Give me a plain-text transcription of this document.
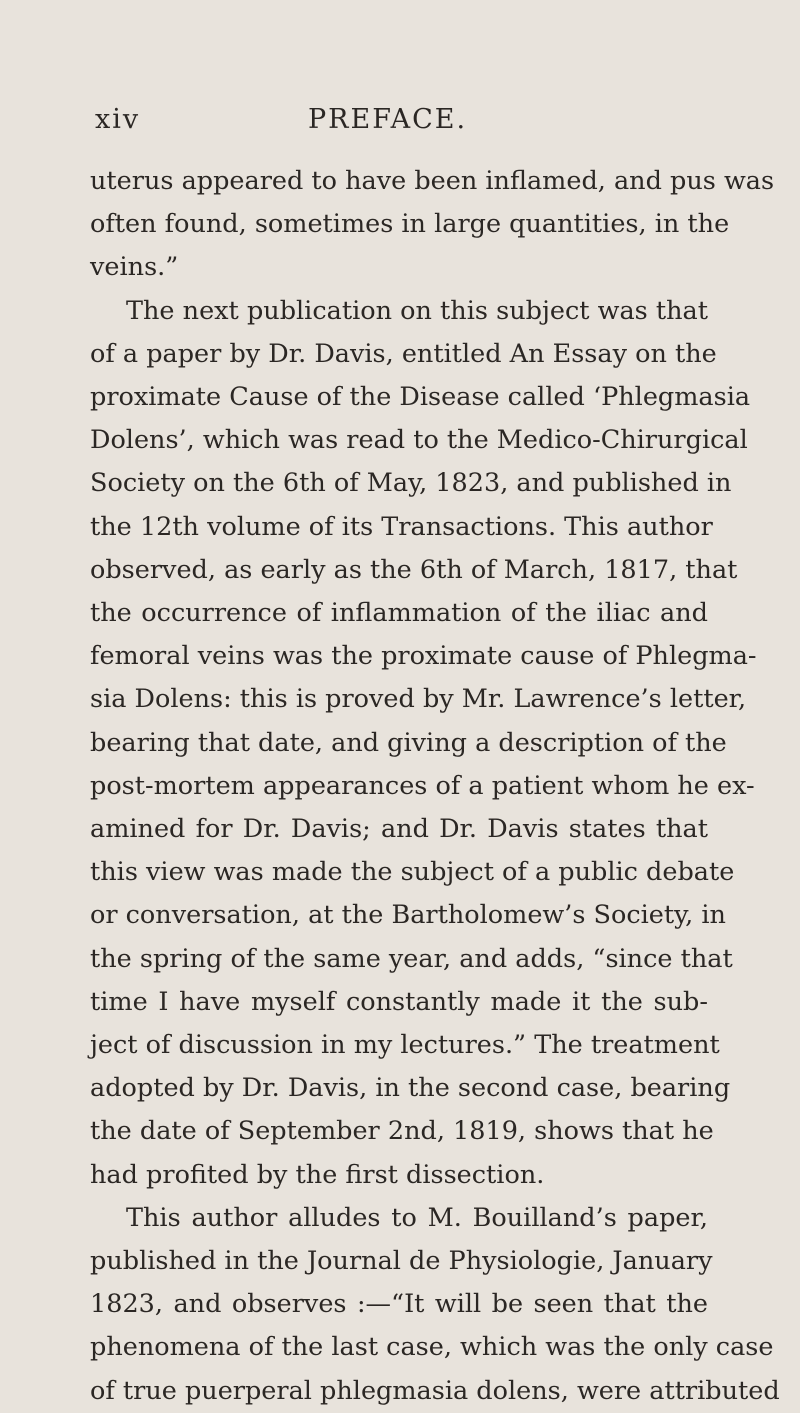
xiv	PREFACE.
uterus appeared to have been inflamed, and pus was
often found, sometimes in large quantities, in the
veins.”
The next publication on this subject was that
of a paper by Dr. Davis, entitled An Essay on the
proximate Cause of the Disease called ‘Phlegmasia
Dolens’, which was read to the Medico-Chirurgical
Society on the 6th of May, 1823, and published in
the 12th volume of its Transactions. This author
observed, as early as the 6th of March, 1817, that
the occurrence of inflammation of the iliac and
femoral veins was the proximate cause of Phlegma-
sia Dolens: this is proved by Mr. Lawrence’s letter,
bearing that date, and giving a description of the
post-mortem appearances of a patient whom he ex-
amined for Dr. Davis; and Dr. Davis states that
this view was made the subject of a public debate
or conversation, at the Bartholomew’s Society, in
the spring of the same year, and adds, “since that
time I have myself constantly made it the sub-
ject of discussion in my lectures.” The treatment
adopted by Dr. Davis, in the second case, bearing
the date of September 2nd, 1819, shows that he
had profited by the first dissection.
This author alludes to M. Bouilland’s paper,
published in the Journal de Physiologie, January
1823, and observes :—“It will be seen that the
phenomena of the last case, which was the only case
of true puerperal phlegmasia dolens, were attributed
